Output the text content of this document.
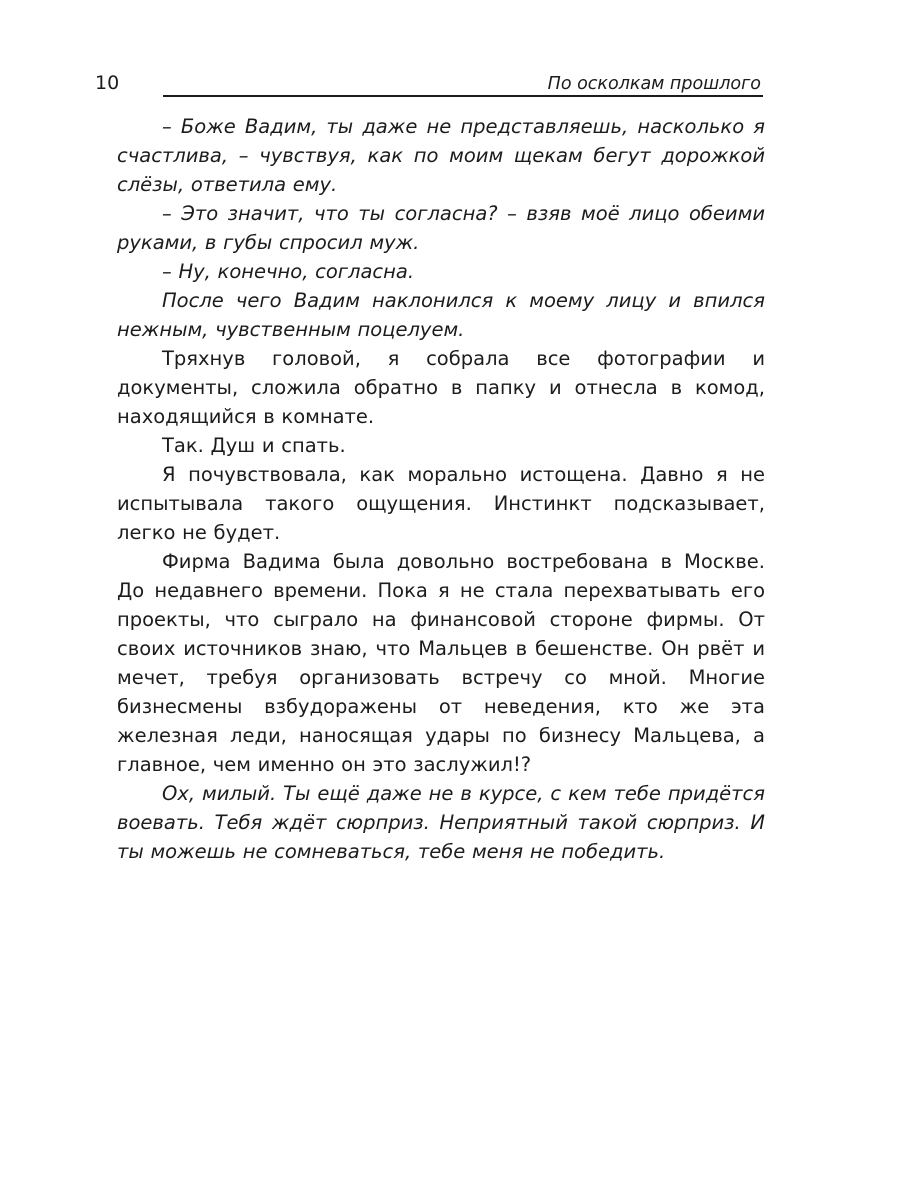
10	По осколкам прошлого

– Боже Вадим, ты даже не представляешь, насколько я счастлива, – чувствуя, как по моим щекам бегут дорожкой слёзы, ответила ему.

– Это значит, что ты согласна? – взяв моё лицо обеими руками, в губы спросил муж.

– Ну, конечно, согласна.

После чего Вадим наклонился к моему лицу и впился нежным, чувственным поцелуем.

Тряхнув головой, я собрала все фотографии и документы, сложила обратно в папку и отнесла в комод, находящийся в комнате.

Так. Душ и спать.

Я почувствовала, как морально истощена. Давно я не испытывала такого ощущения. Инстинкт подсказывает, легко не будет.

Фирма Вадима была довольно востребована в Москве. До недавнего времени. Пока я не стала перехватывать его проекты, что сыграло на финансовой стороне фирмы. От своих источников знаю, что Мальцев в бешенстве. Он рвёт и мечет, требуя организовать встречу со мной. Многие бизнесмены взбудоражены от неведения, кто же эта железная леди, наносящая удары по бизнесу Мальцева, а главное, чем именно он это заслужил!?

Ох, милый. Ты ещё даже не в курсе, с кем тебе придётся воевать. Тебя ждёт сюрприз. Неприятный такой сюрприз. И ты можешь не сомневаться, тебе меня не победить.
